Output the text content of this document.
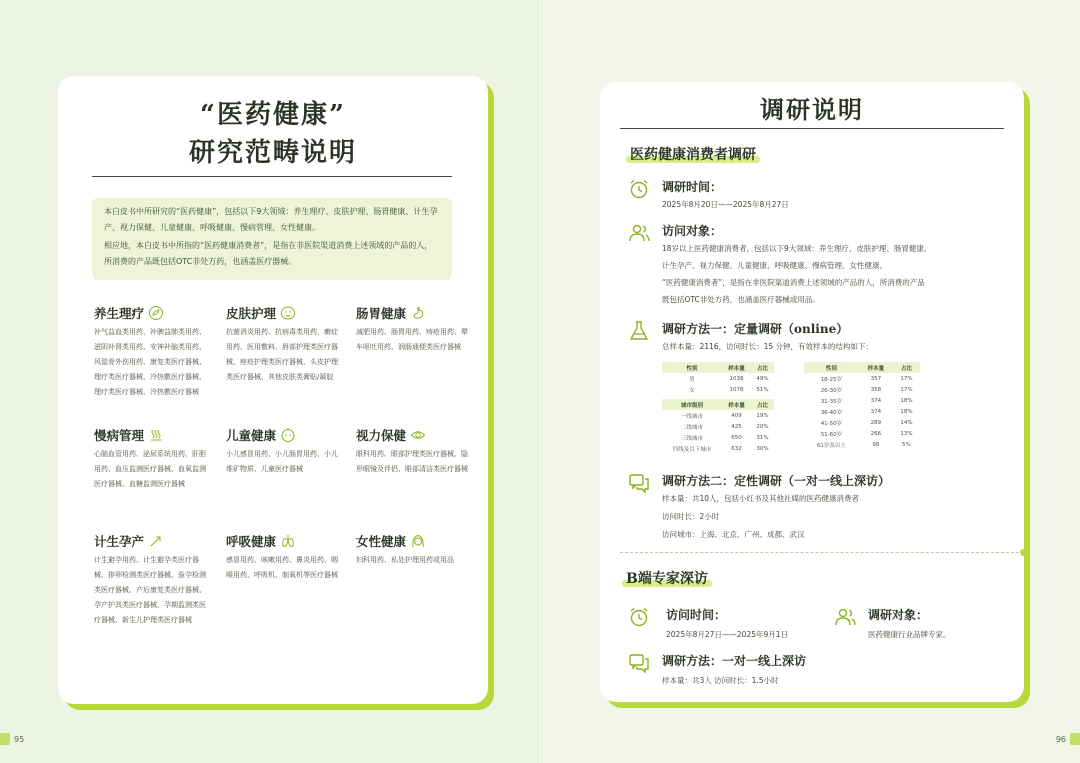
“医药健康”
研究范畴说明

本白皮书中所研究的“医药健康”，包括以下9大领域：养生理疗、皮肤护理、肠胃健康、计生孕产、视力保健、儿童健康、呼吸健康、慢病管理、女性健康。

相应地，本白皮书中所指的“医药健康消费者”，是指在非医院渠道消费上述领域的产品的人，所消费的产品既包括OTC非处方药，也涵盖医疗器械。

养生理疗
补气益血类用药、补脾益肺类用药、滋阴补肾类用药、安神补脑类用药、风湿骨外伤用药、康复类医疗器械、理疗类医疗器械、冷热敷医疗器械、理疗类医疗器械、冷热敷医疗器械
皮肤护理
抗菌消炎用药、抗病毒类用药、癣症用药、医用敷料、唇部护理类医疗器械、痤疮护理类医疗器械、头皮护理类医疗器械、其他皮肤类膏贴/凝胶
肠胃健康
减肥用药、肠胃用药、痔疮用药、晕车呕吐用药、润肠通便类医疗器械
慢病管理
心脑血管用药、泌尿系统用药、肝胆用药、血压监测医疗器械、血氧监测医疗器械、血糖监测医疗器械
儿童健康
小儿感冒用药、小儿肠胃用药、小儿维矿物质、儿童医疗器械
视力保健
眼科用药、眼部护理类医疗器械、隐形眼镜及伴侣、眼部清洁类医疗器械
计生孕产
计生避孕用药、计生避孕类医疗器械、排卵检测类医疗器械、验孕检测类医疗器械、产后康复类医疗器械、孕产护具类医疗器械、孕期监测类医疗器械、新生儿护理类医疗器械
呼吸健康
感冒用药、咳嗽用药、鼻炎用药、咽喉用药、呼吸机、制氧机等医疗器械
女性健康
妇科用药、私处护理用药或用品
调研说明
医药健康消费者调研
调研时间：
2025年8月20日——2025年8月27日
访问对象：
18岁以上医药健康消费者，包括以下9大领域：养生理疗、皮肤护理、肠胃健康、
计生孕产、视力保健、儿童健康、呼吸健康、慢病管理、女性健康。
“医药健康消费者”，是指在非医院渠道消费上述领域的产品的人，所消费的产品
既包括OTC非处方药，也涵盖医疗器械或用品。
调研方法一：定量调研（online）
总样本量：2116，访问时长：15 分钟，有效样本的结构如下：
性别	样本量	占比
男	1038	49%
女	1078	51%

城市级别	样本量	占比
一线城市	409	19%
二线城市	425	20%
三线城市	650	31%
四线及以下城市	632	30%
性别	样本量	占比
18-25岁	357	17%
26-30岁	358	17%
31-35岁	374	18%
36-40岁	374	18%
41-50岁	289	14%
51-60岁	266	13%
61岁及以上	98	5%
调研方法二：定性调研（一对一线上深访）
样本量：共10人，包括小红书及其他社媒的医药健康消费者
访问时长：2小时
访问城市：上海、北京、广州、成都、武汉
B端专家深访
访问时间：
2025年8月27日——2025年9月1日
调研对象：
医药健康行业品牌专家。
调研方法：一对一线上深访
样本量：共3人 访问时长：1.5小时
95	96
